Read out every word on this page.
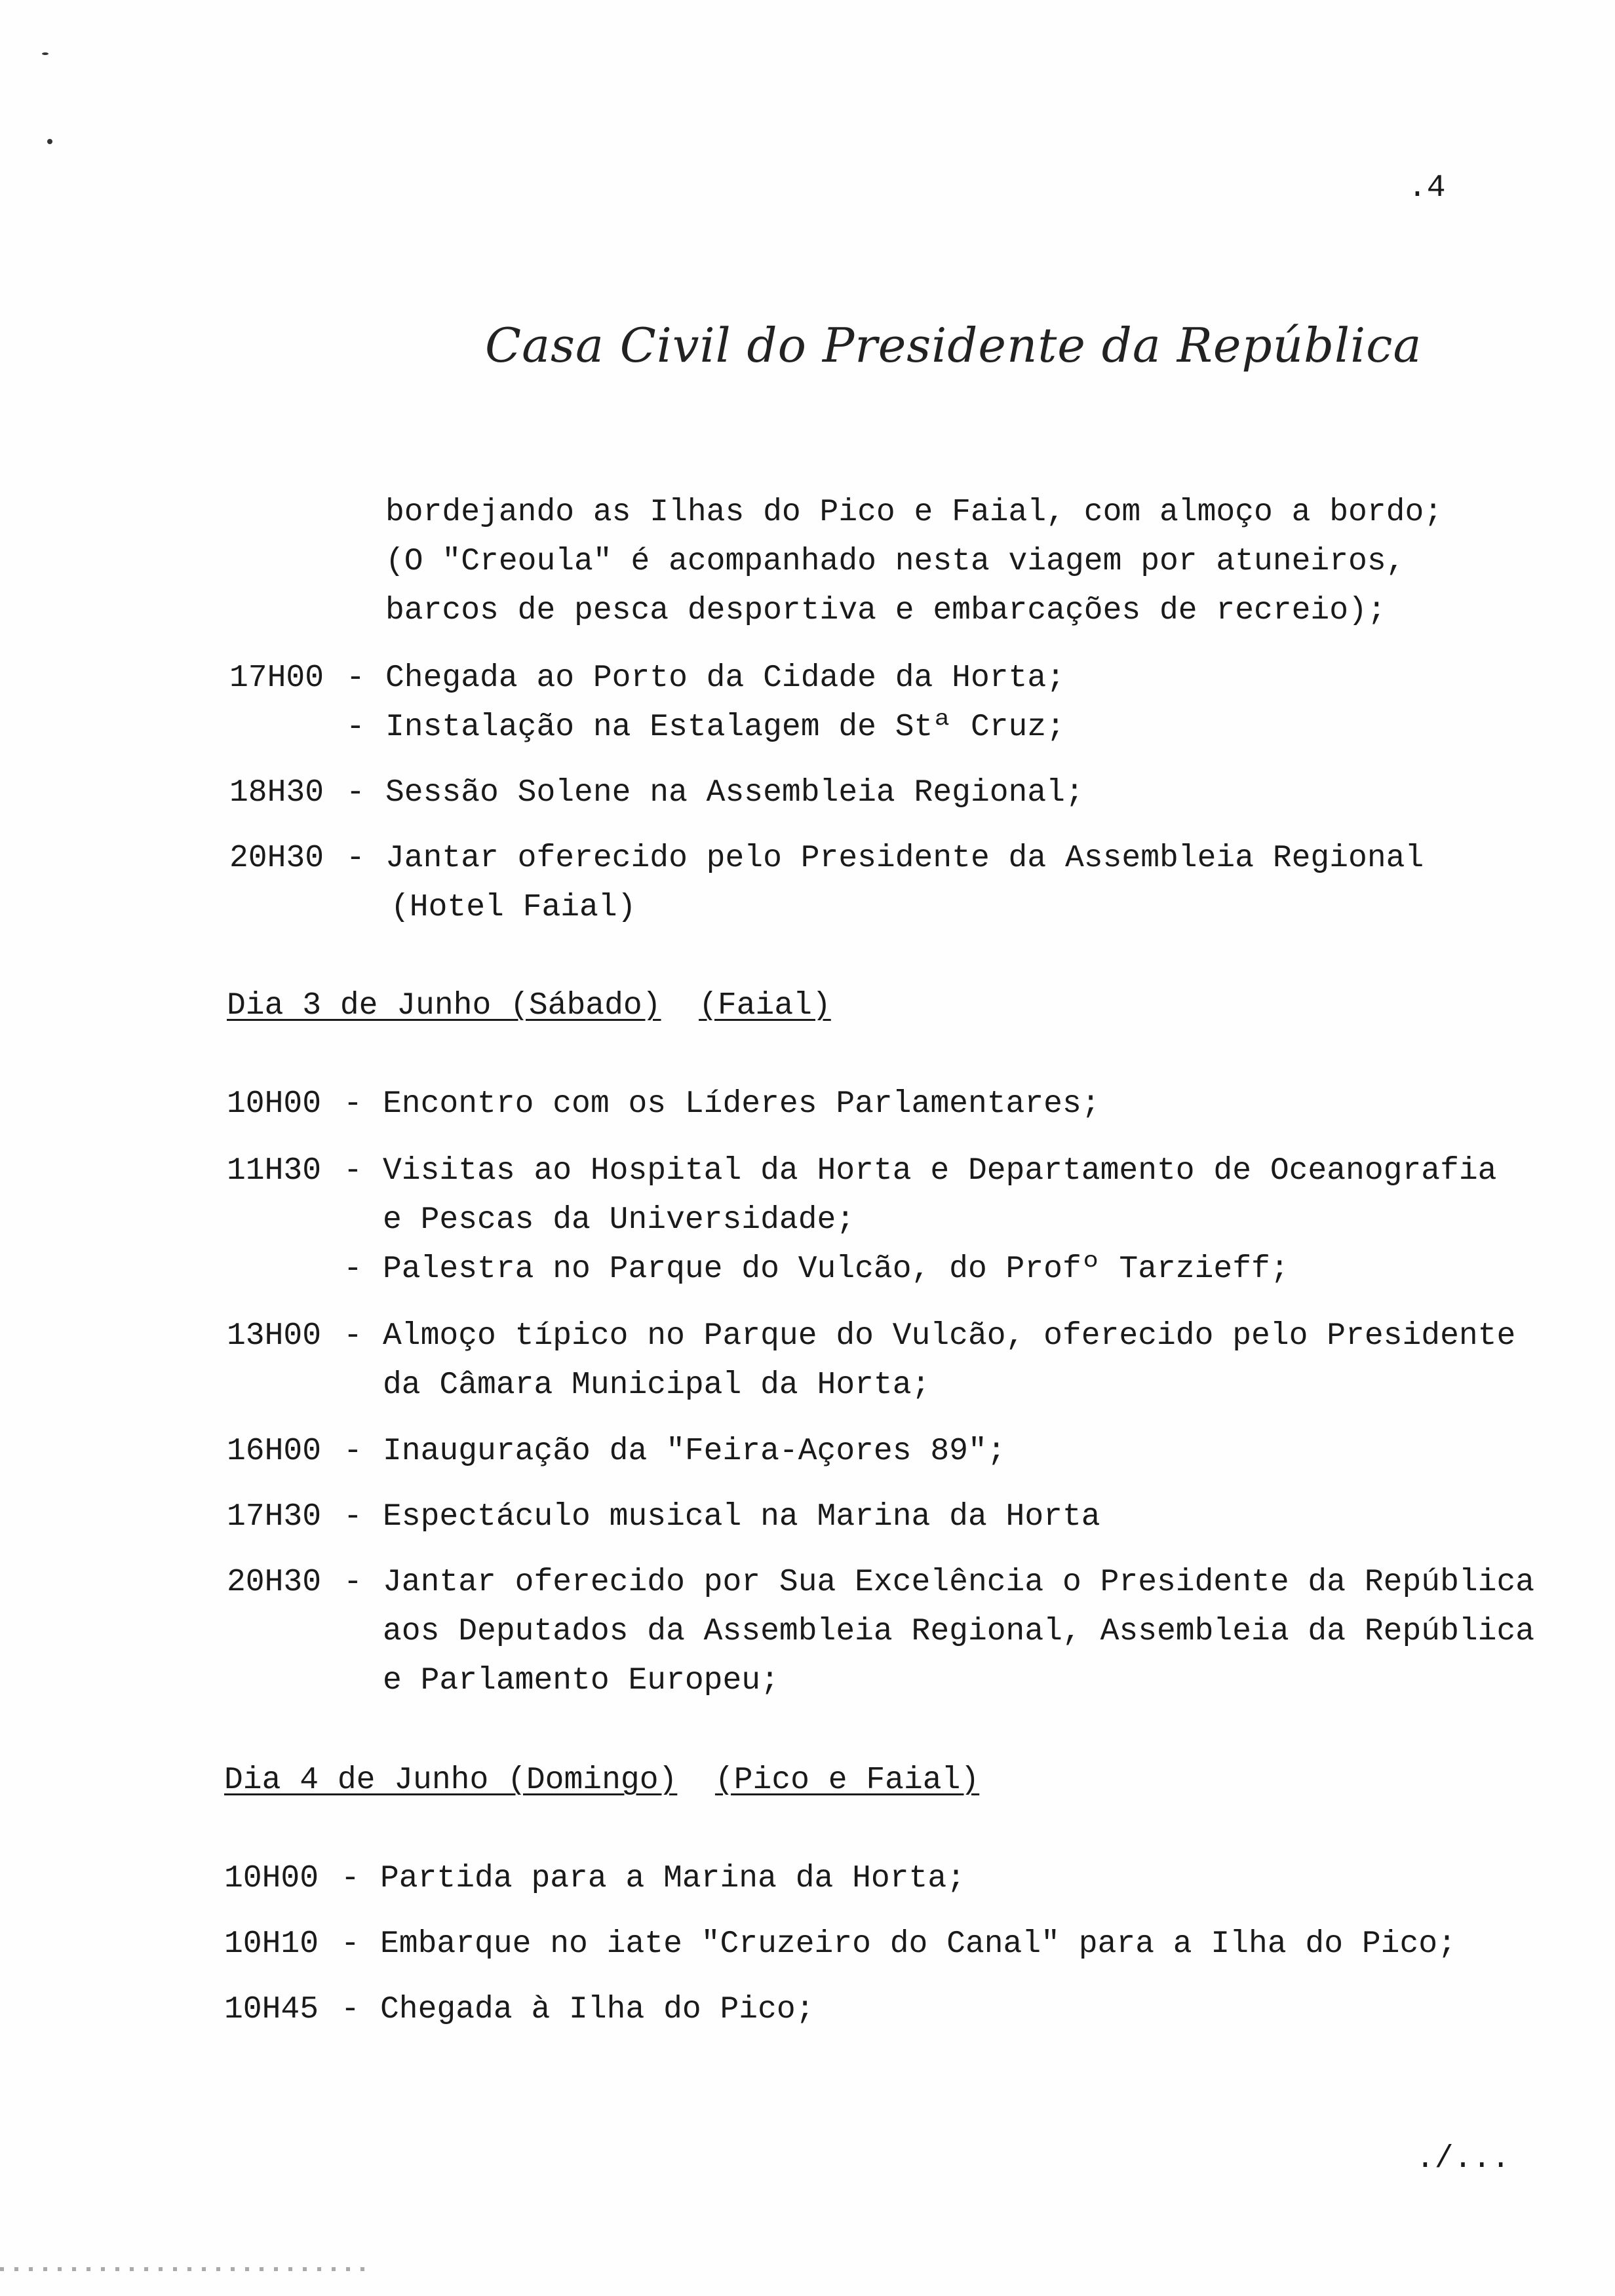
.4
Casa Civil do Presidente da República
bordejando as Ilhas do Pico e Faial, com almoço a bordo;
(O "Creoula" é acompanhado nesta viagem por atuneiros,
barcos de pesca desportiva e embarcações de recreio);
17H00 - Chegada ao Porto da Cidade da Horta;
- Instalação na Estalagem de Stª Cruz;
18H30 - Sessão Solene na Assembleia Regional;
20H30 - Jantar oferecido pelo Presidente da Assembleia Regional
(Hotel Faial)
Dia 3 de Junho (Sábado) (Faial)
10H00 - Encontro com os Líderes Parlamentares;
11H30 - Visitas ao Hospital da Horta e Departamento de Oceanografia
e Pescas da Universidade;
- Palestra no Parque do Vulcão, do Profº Tarzieff;
13H00 - Almoço típico no Parque do Vulcão, oferecido pelo Presidente
da Câmara Municipal da Horta;
16H00 - Inauguração da "Feira-Açores 89";
17H30 - Espectáculo musical na Marina da Horta
20H30 - Jantar oferecido por Sua Excelência o Presidente da República
aos Deputados da Assembleia Regional, Assembleia da República
e Parlamento Europeu;
Dia 4 de Junho (Domingo) (Pico e Faial)
10H00 - Partida para a Marina da Horta;
10H10 - Embarque no iate "Cruzeiro do Canal" para a Ilha do Pico;
10H45 - Chegada à Ilha do Pico;
./...
